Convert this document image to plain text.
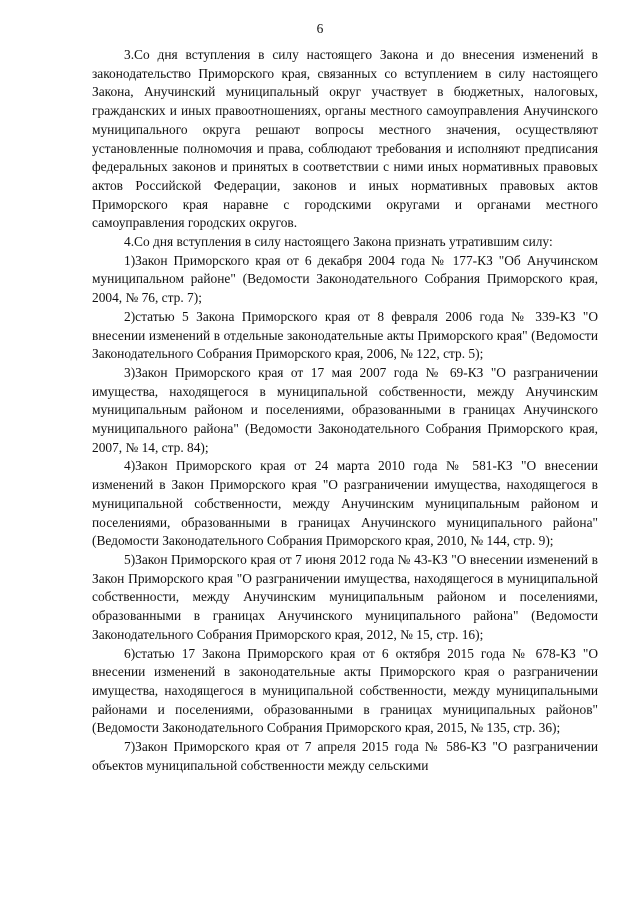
6

3.Со дня вступления в силу настоящего Закона и до внесения изменений в законодательство Приморского края, связанных со вступлением в силу настоящего Закона, Анучинский муниципальный округ участвует в бюджетных, налоговых, гражданских и иных правоотношениях, органы местного самоуправления Анучинского муниципального округа решают вопросы местного значения, осуществляют установленные полномочия и права, соблюдают требования и исполняют предписания федеральных законов и принятых в соответствии с ними иных нормативных правовых актов Российской Федерации, законов и иных нормативных правовых актов Приморского края наравне с городскими округами и органами местного самоуправления городских округов.

4.Со дня вступления в силу настоящего Закона признать утратившим силу:

1)Закон Приморского края от 6 декабря 2004 года № 177-КЗ "Об Анучинском муниципальном районе" (Ведомости Законодательного Собрания Приморского края, 2004, № 76, стр. 7);

2)статью 5 Закона Приморского края от 8 февраля 2006 года № 339-КЗ "О внесении изменений в отдельные законодательные акты Приморского края" (Ведомости Законодательного Собрания Приморского края, 2006, № 122, стр. 5);

3)Закон Приморского края от 17 мая 2007 года № 69-КЗ "О разграничении имущества, находящегося в муниципальной собственности, между Анучинским муниципальным районом и поселениями, образованными в границах Анучинского муниципального района" (Ведомости Законодательного Собрания Приморского края, 2007, № 14, стр. 84);

4)Закон Приморского края от 24 марта 2010 года № 581-КЗ "О внесении изменений в Закон Приморского края "О разграничении имущества, находящегося в муниципальной собственности, между Анучинским муниципальным районом и поселениями, образованными в границах Анучинского муниципального района" (Ведомости Законодательного Собрания Приморского края, 2010, № 144, стр. 9);

5)Закон Приморского края от 7 июня 2012 года № 43-КЗ "О внесении изменений в Закон Приморского края "О разграничении имущества, находящегося в муниципальной собственности, между Анучинским муниципальным районом и поселениями, образованными в границах Анучинского муниципального района" (Ведомости Законодательного Собрания Приморского края, 2012, № 15, стр. 16);

6)статью 17 Закона Приморского края от 6 октября 2015 года № 678-КЗ "О внесении изменений в законодательные акты Приморского края о разграничении имущества, находящегося в муниципальной собственности, между муниципальными районами и поселениями, образованными в границах муниципальных районов" (Ведомости Законодательного Собрания Приморского края, 2015, № 135, стр. 36);

7)Закон Приморского края от 7 апреля 2015 года № 586-КЗ "О разграничении объектов муниципальной собственности между сельскими
